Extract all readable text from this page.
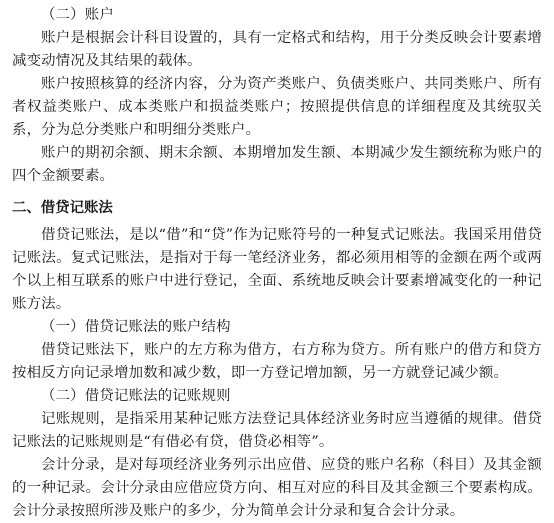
（二）账户

账户是根据会计科目设置的，具有一定格式和结构，用于分类反映会计要素增减变动情况及其结果的载体。

账户按照核算的经济内容，分为资产类账户、负债类账户、共同类账户、所有者权益类账户、成本类账户和损益类账户；按照提供信息的详细程度及其统驭关系，分为总分类账户和明细分类账户。

账户的期初余额、期末余额、本期增加发生额、本期减少发生额统称为账户的四个金额要素。

二、借贷记账法

借贷记账法，是以“借”和“贷”作为记账符号的一种复式记账法。我国采用借贷记账法。复式记账法，是指对于每一笔经济业务，都必须用相等的金额在两个或两个以上相互联系的账户中进行登记，全面、系统地反映会计要素增减变化的一种记账方法。

（一）借贷记账法的账户结构

借贷记账法下，账户的左方称为借方，右方称为贷方。所有账户的借方和贷方按相反方向记录增加数和减少数，即一方登记增加额，另一方就登记减少额。

（二）借贷记账法的记账规则

记账规则，是指采用某种记账方法登记具体经济业务时应当遵循的规律。借贷记账法的记账规则是“有借必有贷，借贷必相等”。

会计分录，是对每项经济业务列示出应借、应贷的账户名称（科目）及其金额的一种记录。会计分录由应借应贷方向、相互对应的科目及其金额三个要素构成。会计分录按照所涉及账户的多少，分为简单会计分录和复合会计分录。
